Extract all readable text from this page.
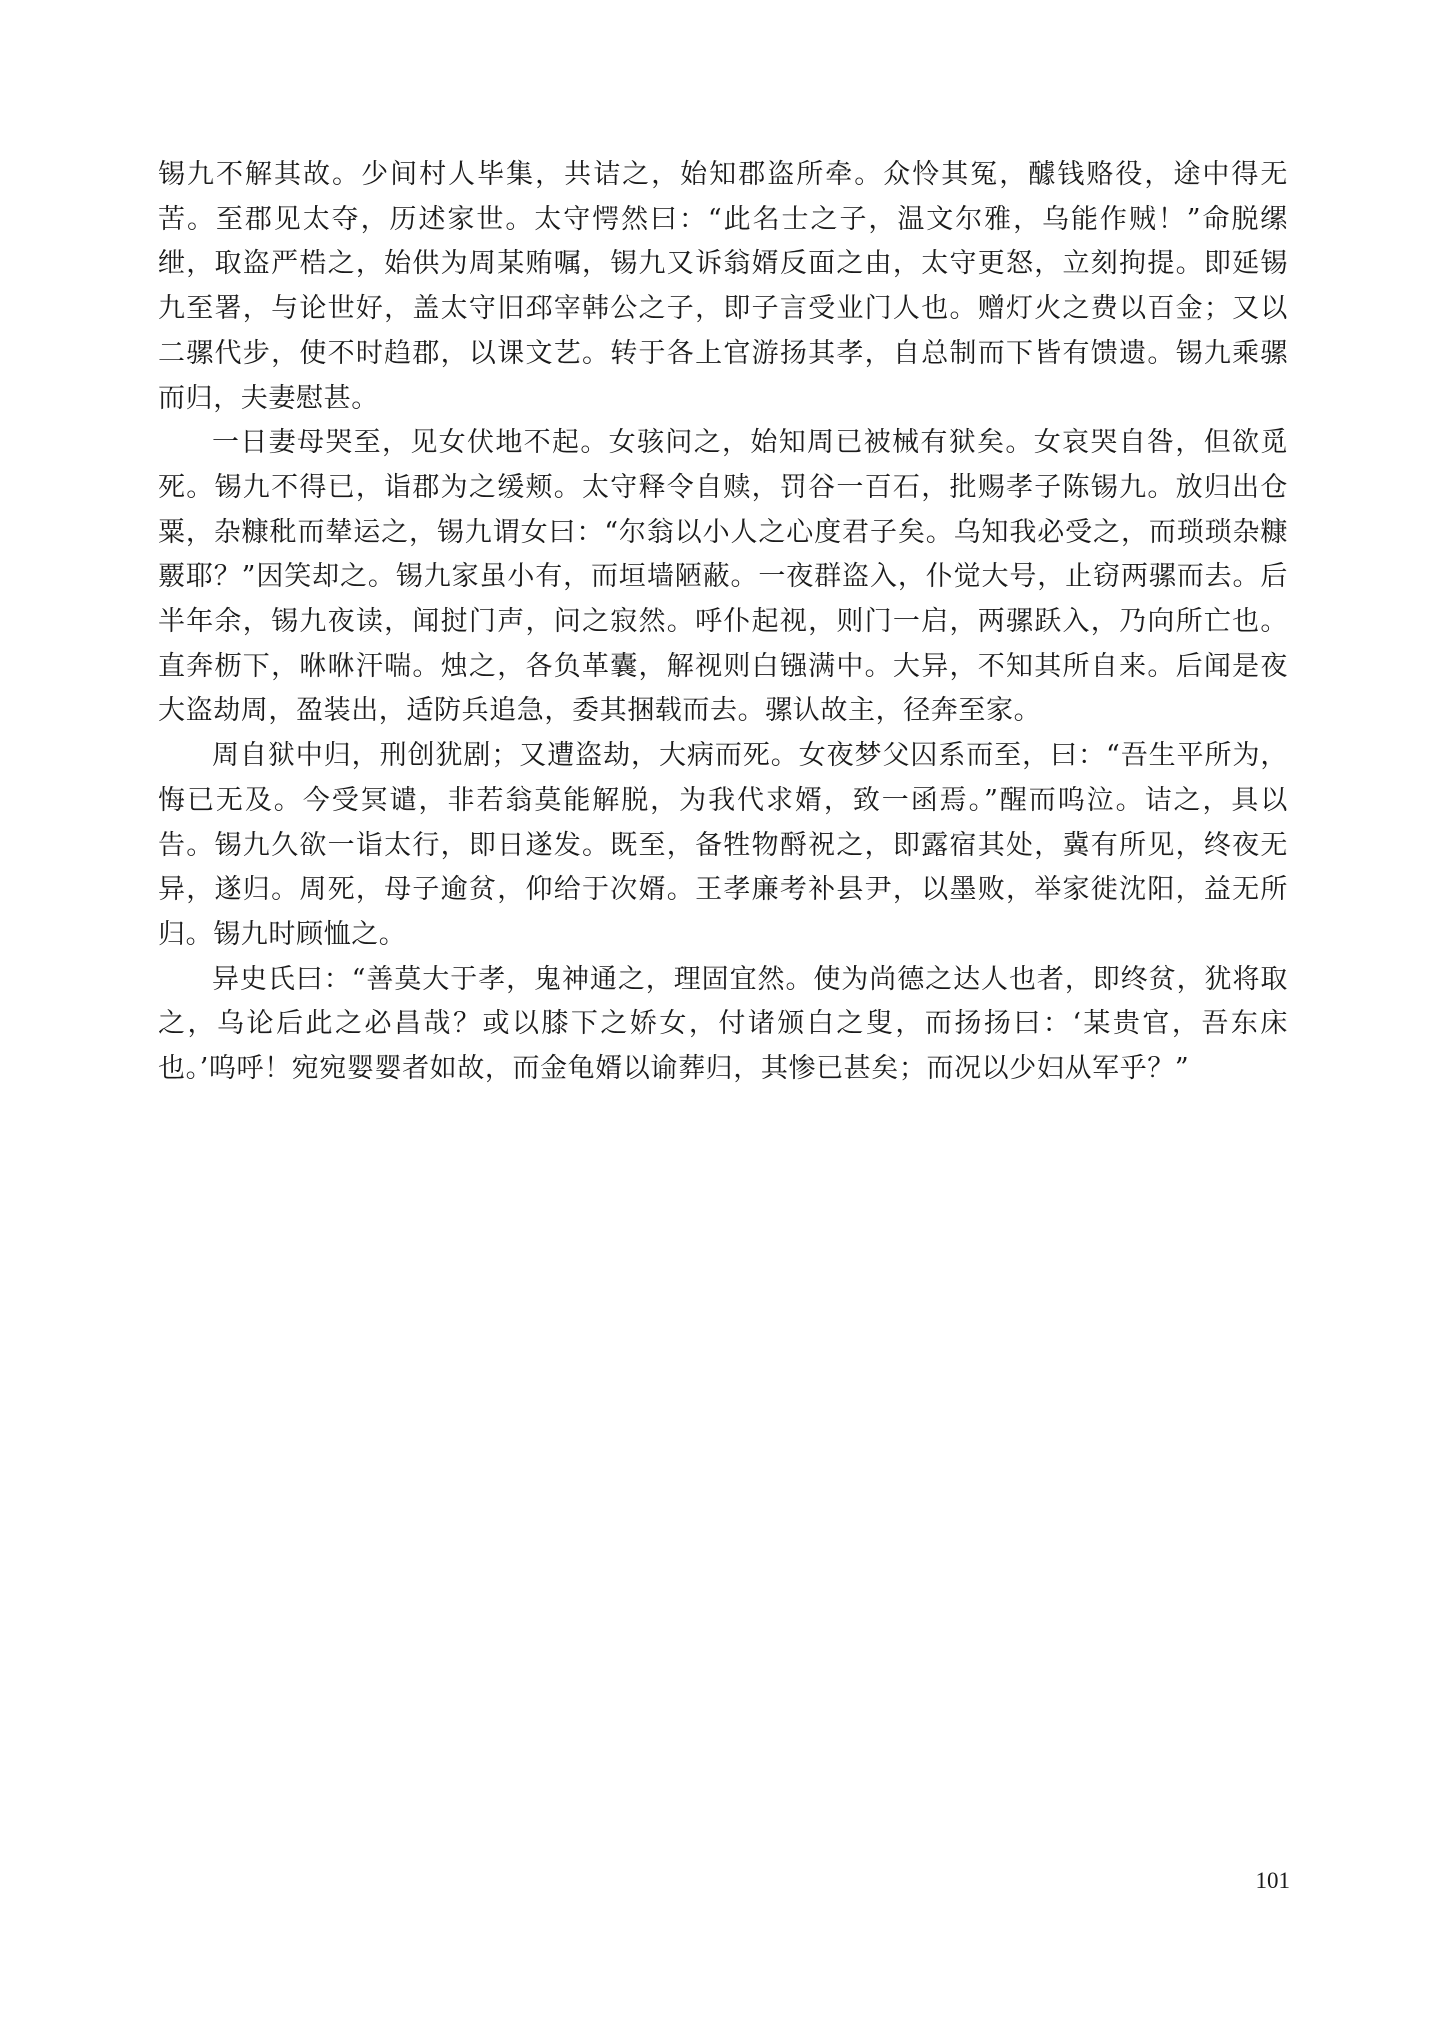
锡九不解其故。少间村人毕集，共诘之，始知郡盗所牵。众怜其冤，醵钱赂役，途中得无苦。至郡见太夺，历述家世。太守愕然曰：“此名士之子，温文尔雅，乌能作贼！”命脱缧绁，取盗严梏之，始供为周某贿嘱，锡九又诉翁婿反面之由，太守更怒，立刻拘提。即延锡九至署，与论世好，盖太守旧邳宰韩公之子，即子言受业门人也。赠灯火之费以百金；又以二骡代步，使不时趋郡，以课文艺。转于各上官游扬其孝，自总制而下皆有馈遗。锡九乘骡而归，夫妻慰甚。

一日妻母哭至，见女伏地不起。女骇问之，始知周已被械有狱矣。女哀哭自咎，但欲觅死。锡九不得已，诣郡为之缓颊。太守释令自赎，罚谷一百石，批赐孝子陈锡九。放归出仓粟，杂糠秕而辇运之，锡九谓女曰：“尔翁以小人之心度君子矣。乌知我必受之，而琐琐杂糠覈耶？”因笑却之。锡九家虽小有，而垣墙陋蔽。一夜群盗入，仆觉大号，止窃两骡而去。后半年余，锡九夜读，闻挝门声，问之寂然。呼仆起视，则门一启，两骡跃入，乃向所亡也。直奔枥下，咻咻汗喘。烛之，各负革囊，解视则白镪满中。大异，不知其所自来。后闻是夜大盗劫周，盈装出，适防兵追急，委其捆载而去。骡认故主，径奔至家。

周自狱中归，刑创犹剧；又遭盗劫，大病而死。女夜梦父囚系而至，曰：“吾生平所为，悔已无及。今受冥谴，非若翁莫能解脱，为我代求婿，致一函焉。”醒而呜泣。诘之，具以告。锡九久欲一诣太行，即日遂发。既至，备牲物酹祝之，即露宿其处，冀有所见，终夜无异，遂归。周死，母子逾贫，仰给于次婿。王孝廉考补县尹，以墨败，举家徙沈阳，益无所归。锡九时顾恤之。

异史氏曰：“善莫大于孝，鬼神通之，理固宜然。使为尚德之达人也者，即终贫，犹将取之，乌论后此之必昌哉？或以膝下之娇女，付诸颁白之叟，而扬扬曰：‘某贵官，吾东床也。’呜呼！宛宛婴婴者如故，而金龟婿以谕葬归，其惨已甚矣；而况以少妇从军乎？”

101
